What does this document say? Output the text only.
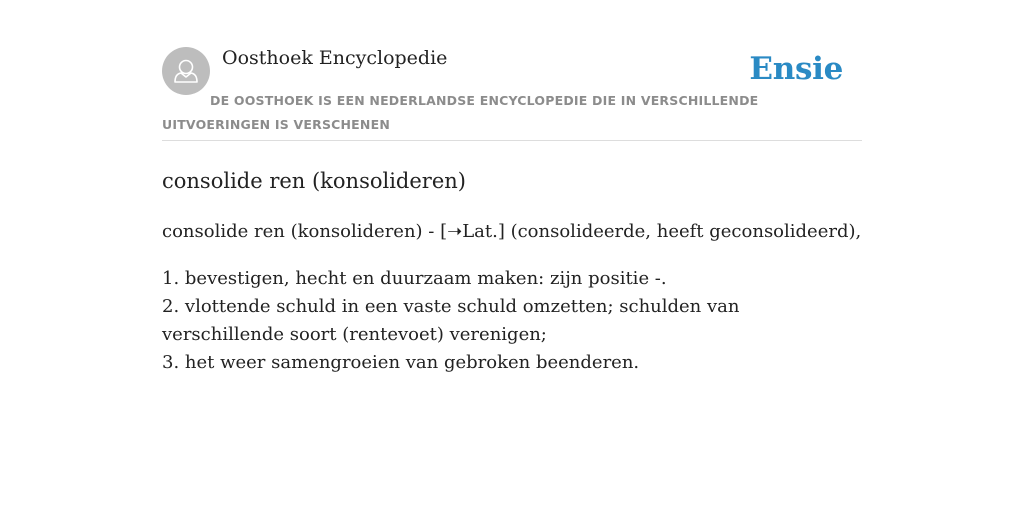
Oosthoek Encyclopedie	Ensie
DE OOSTHOEK IS EEN NEDERLANDSE ENCYCLOPEDIE DIE IN VERSCHILLENDE UITVOERINGEN IS VERSCHENEN
consolide ren (konsolideren)

consolide ren (konsolideren) - [➝Lat.] (consolideerde, heeft geconsolideerd),

1. bevestigen, hecht en duurzaam maken: zijn positie -.
2. vlottende schuld in een vaste schuld omzetten; schulden van verschillende soort (rentevoet) verenigen;
3. het weer samengroeien van gebroken beenderen.
